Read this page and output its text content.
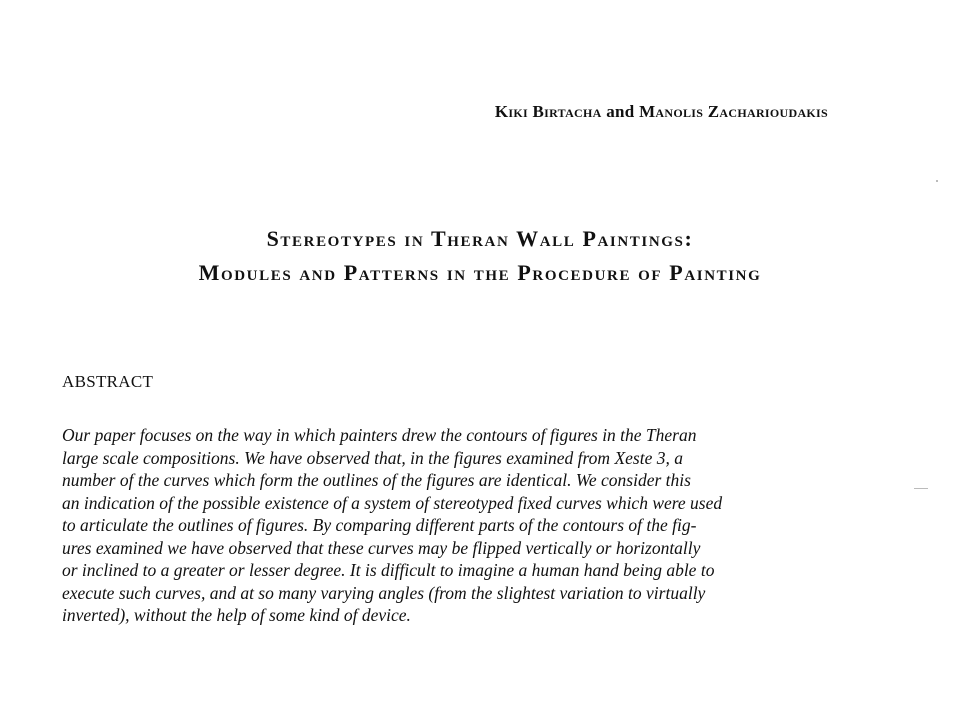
Kiki Birtacha and Manolis Zacharioudakis
Stereotypes in Theran Wall Paintings:
Modules and Patterns in the Procedure of Painting
ABSTRACT
Our paper focuses on the way in which painters drew the contours of figures in the Theran
large scale compositions. We have observed that, in the figures examined from Xeste 3, a
number of the curves which form the outlines of the figures are identical. We consider this
an indication of the possible existence of a system of stereotyped fixed curves which were used
to articulate the outlines of figures. By comparing different parts of the contours of the fig-
ures examined we have observed that these curves may be flipped vertically or horizontally
or inclined to a greater or lesser degree. It is difficult to imagine a human hand being able to
execute such curves, and at so many varying angles (from the slightest variation to virtually
inverted), without the help of some kind of device.
